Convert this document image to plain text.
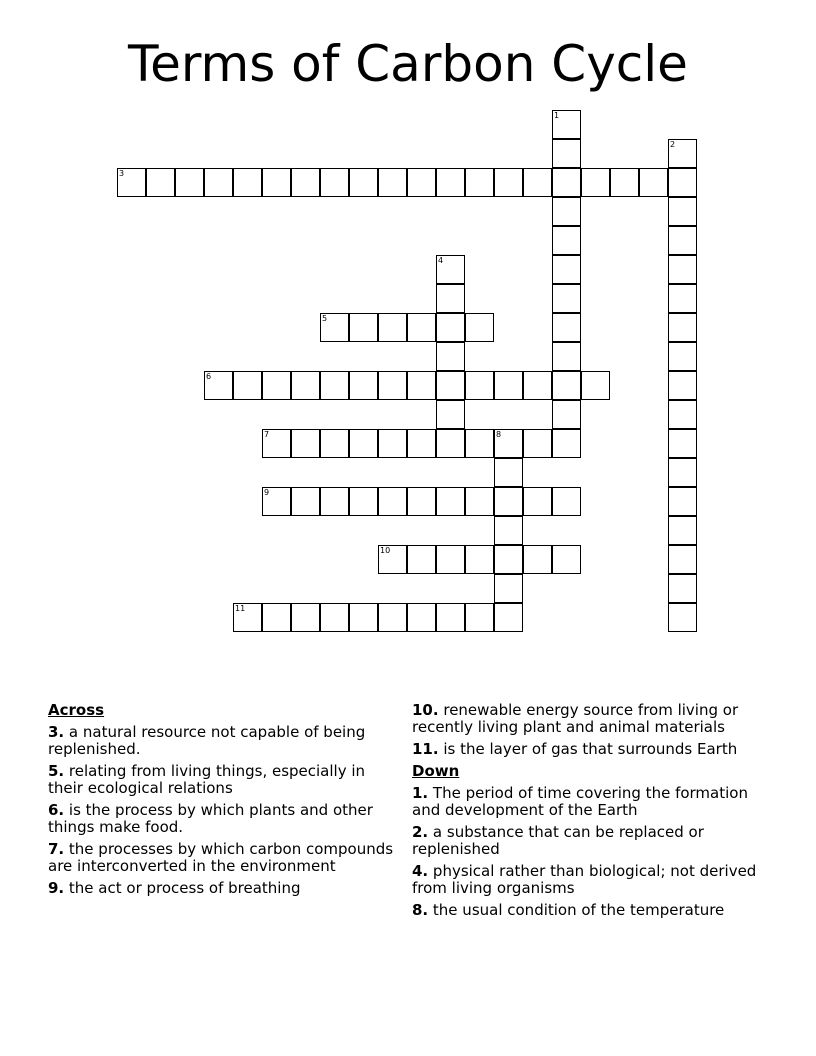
Terms of Carbon Cycle
3
5
6
7	8
9
10
11
1
2
4
Across
3. a natural resource not capable of being replenished.
5. relating from living things, especially in their ecological relations
6. is the process by which plants and other things make food.
7. the processes by which carbon compounds are interconverted in the environment
9. the act or process of breathing
10. renewable energy source from living or recently living plant and animal materials
11. is the layer of gas that surrounds Earth
Down
1. The period of time covering the formation and development of the Earth
2. a substance that can be replaced or replenished
4. physical rather than biological; not derived from living organisms
8. the usual condition of the temperature
